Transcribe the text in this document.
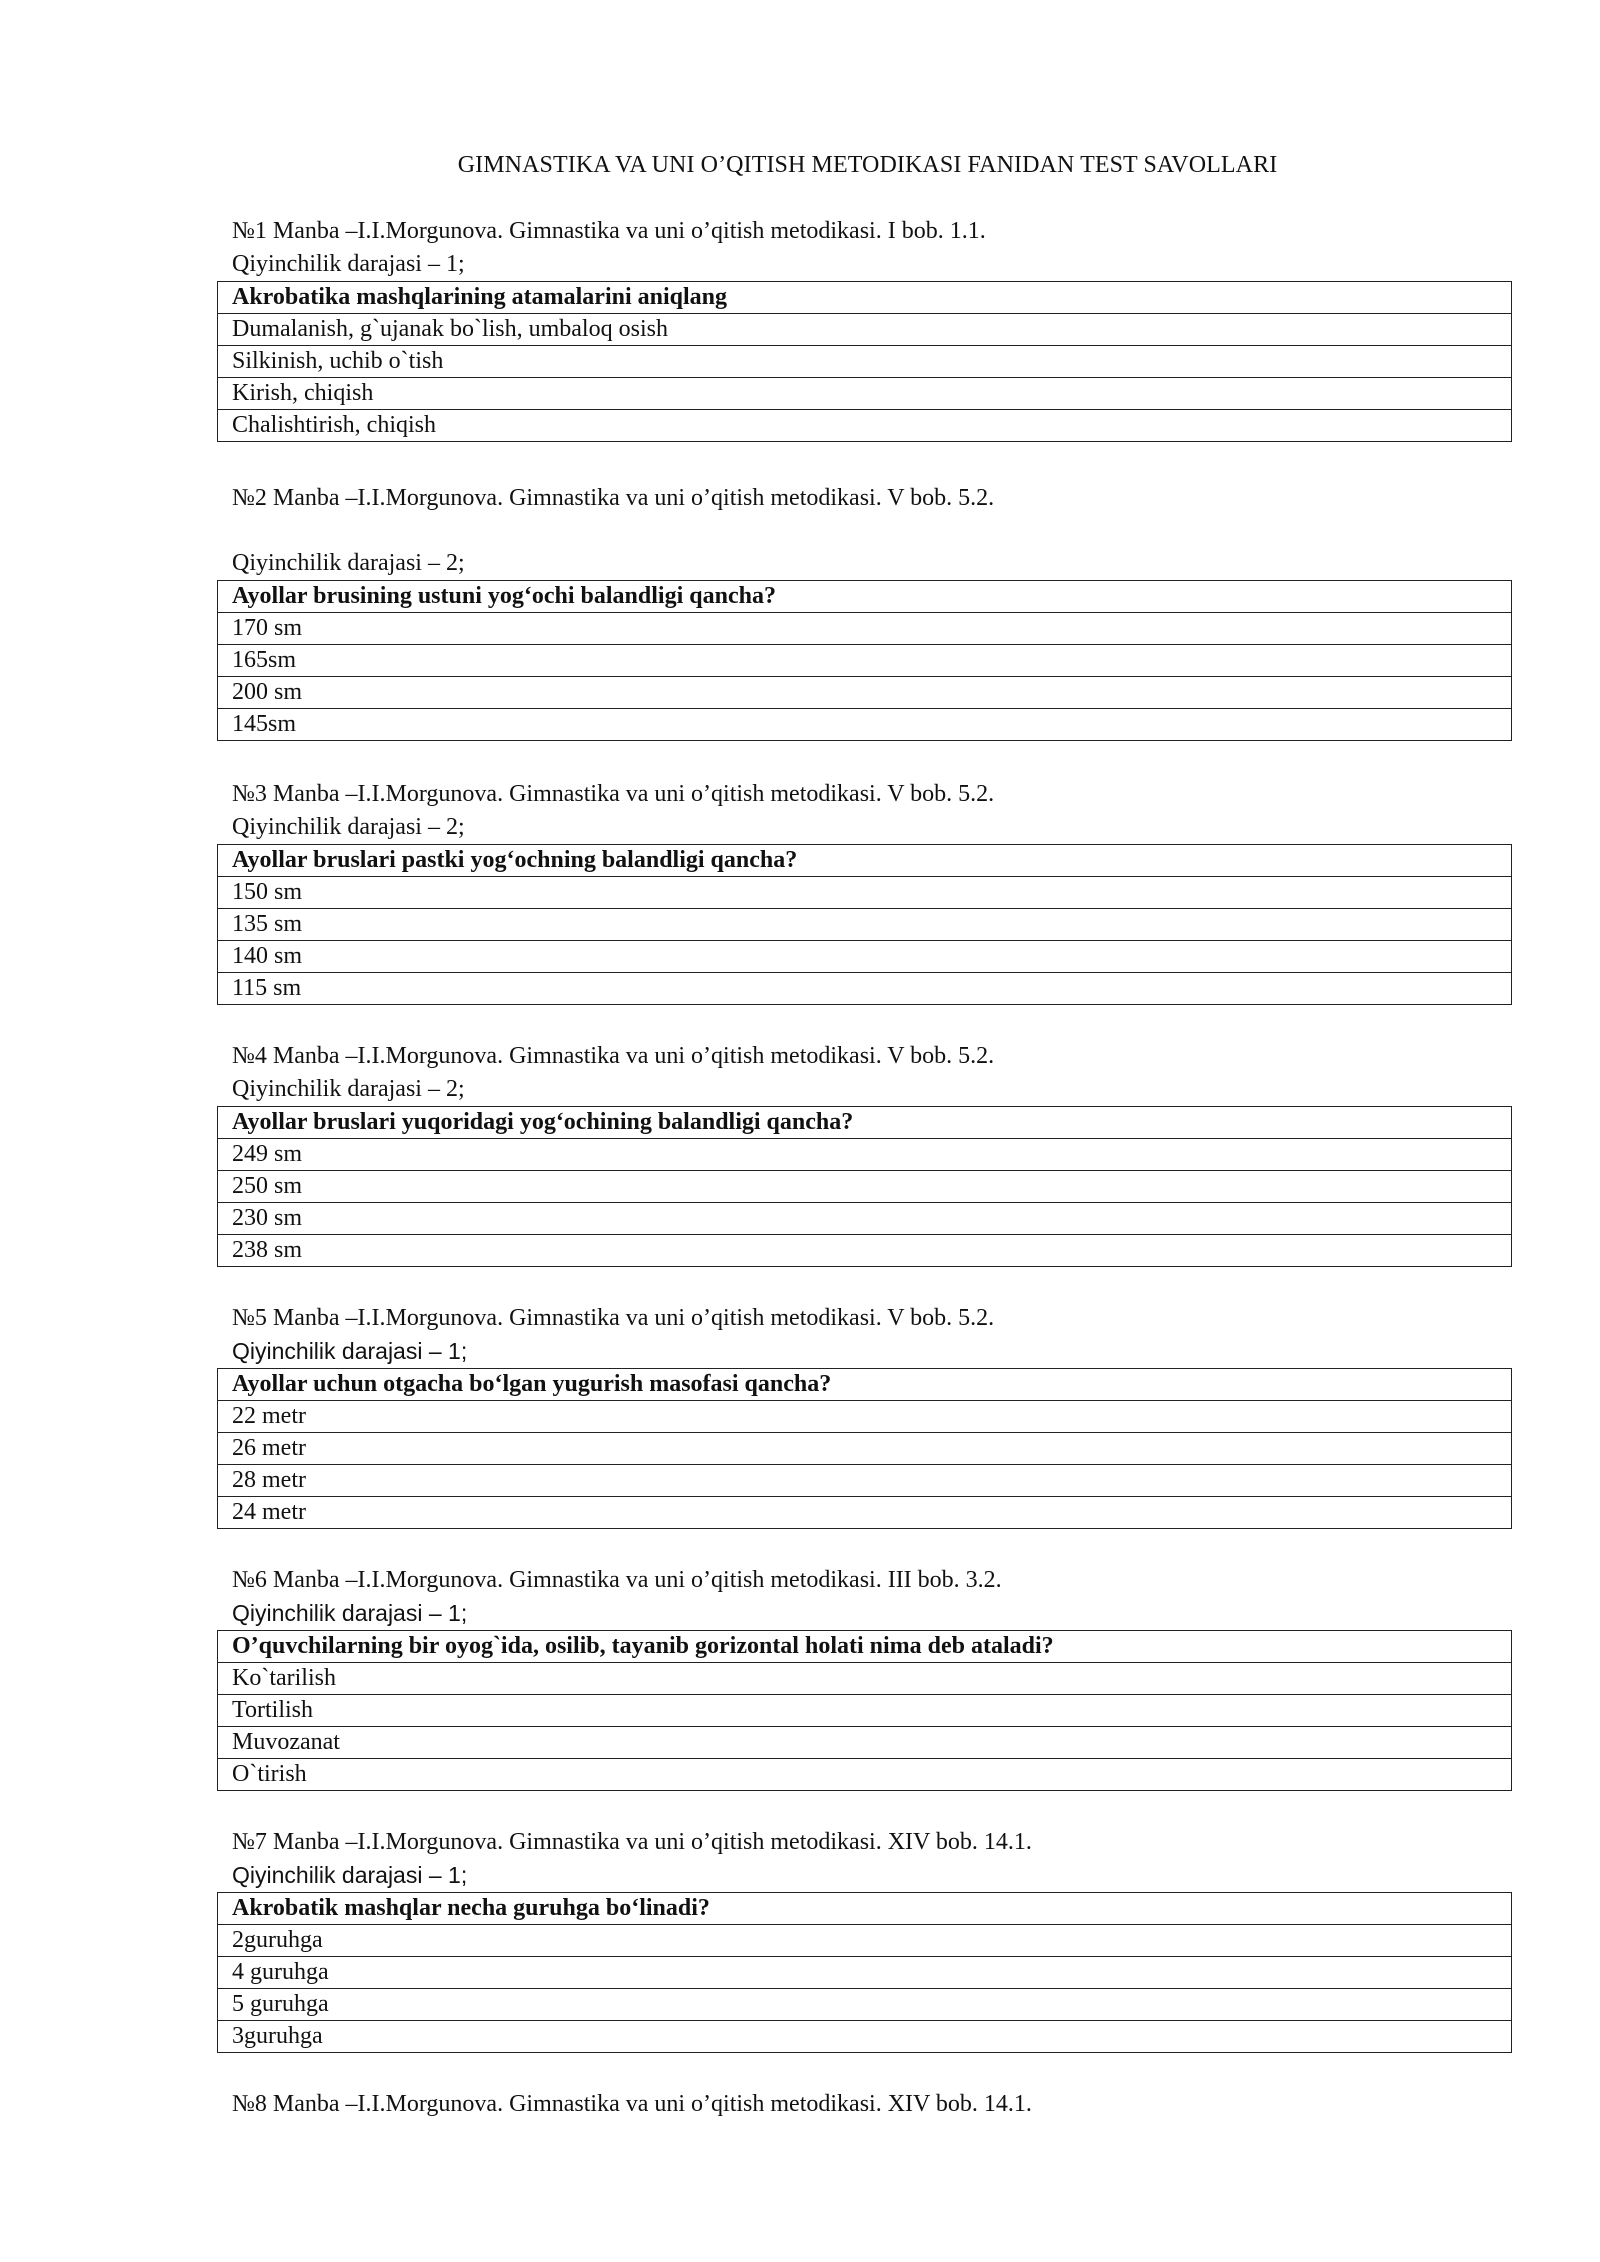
GIMNASTIKA VA UNI O’QITISH METODIKASI FANIDAN TEST SAVOLLARI

№1 Manba –I.I.Morgunova. Gimnastika va uni o’qitish metodikasi. I bob. 1.1.

Qiyinchilik darajasi – 1;

Akrobatika mashqlarining atamalarini aniqlang
Dumalanish, g`ujanak bo`lish, umbaloq osish
Silkinish, uchib o`tish
Kirish, chiqish
Chalishtirish, chiqish

№2 Manba –I.I.Morgunova. Gimnastika va uni o’qitish metodikasi. V bob. 5.2.

Qiyinchilik darajasi – 2;

Ayollar brusining ustuni yog‘ochi balandligi qancha?
170 sm
165sm
200 sm
145sm

№3 Manba –I.I.Morgunova. Gimnastika va uni o’qitish metodikasi. V bob. 5.2.

Qiyinchilik darajasi – 2;

Ayollar bruslari pastki yog‘ochning balandligi qancha?
150 sm
135 sm
140 sm
115 sm

№4 Manba –I.I.Morgunova. Gimnastika va uni o’qitish metodikasi. V bob. 5.2.

Qiyinchilik darajasi – 2;

Ayollar bruslari yuqoridagi yog‘ochining balandligi qancha?
249 sm
250 sm
230 sm
238 sm

№5 Manba –I.I.Morgunova. Gimnastika va uni o’qitish metodikasi. V bob. 5.2.

Qiyinchilik darajasi – 1;

Ayollar uchun otgacha bo‘lgan yugurish masofasi qancha?
22 metr
26 metr
28 metr
24 metr

№6 Manba –I.I.Morgunova. Gimnastika va uni o’qitish metodikasi. III bob. 3.2.

Qiyinchilik darajasi – 1;

O’quvchilarning bir oyog`ida, osilib, tayanib gorizontal holati nima deb ataladi?
Ko`tarilish
Tortilish
Muvozanat
O`tirish

№7 Manba –I.I.Morgunova. Gimnastika va uni o’qitish metodikasi. XIV bob. 14.1.

Qiyinchilik darajasi – 1;

Akrobatik mashqlar necha guruhga bo‘linadi?
2guruhga
4 guruhga
5 guruhga
3guruhga

№8 Manba –I.I.Morgunova. Gimnastika va uni o’qitish metodikasi. XIV bob. 14.1.
